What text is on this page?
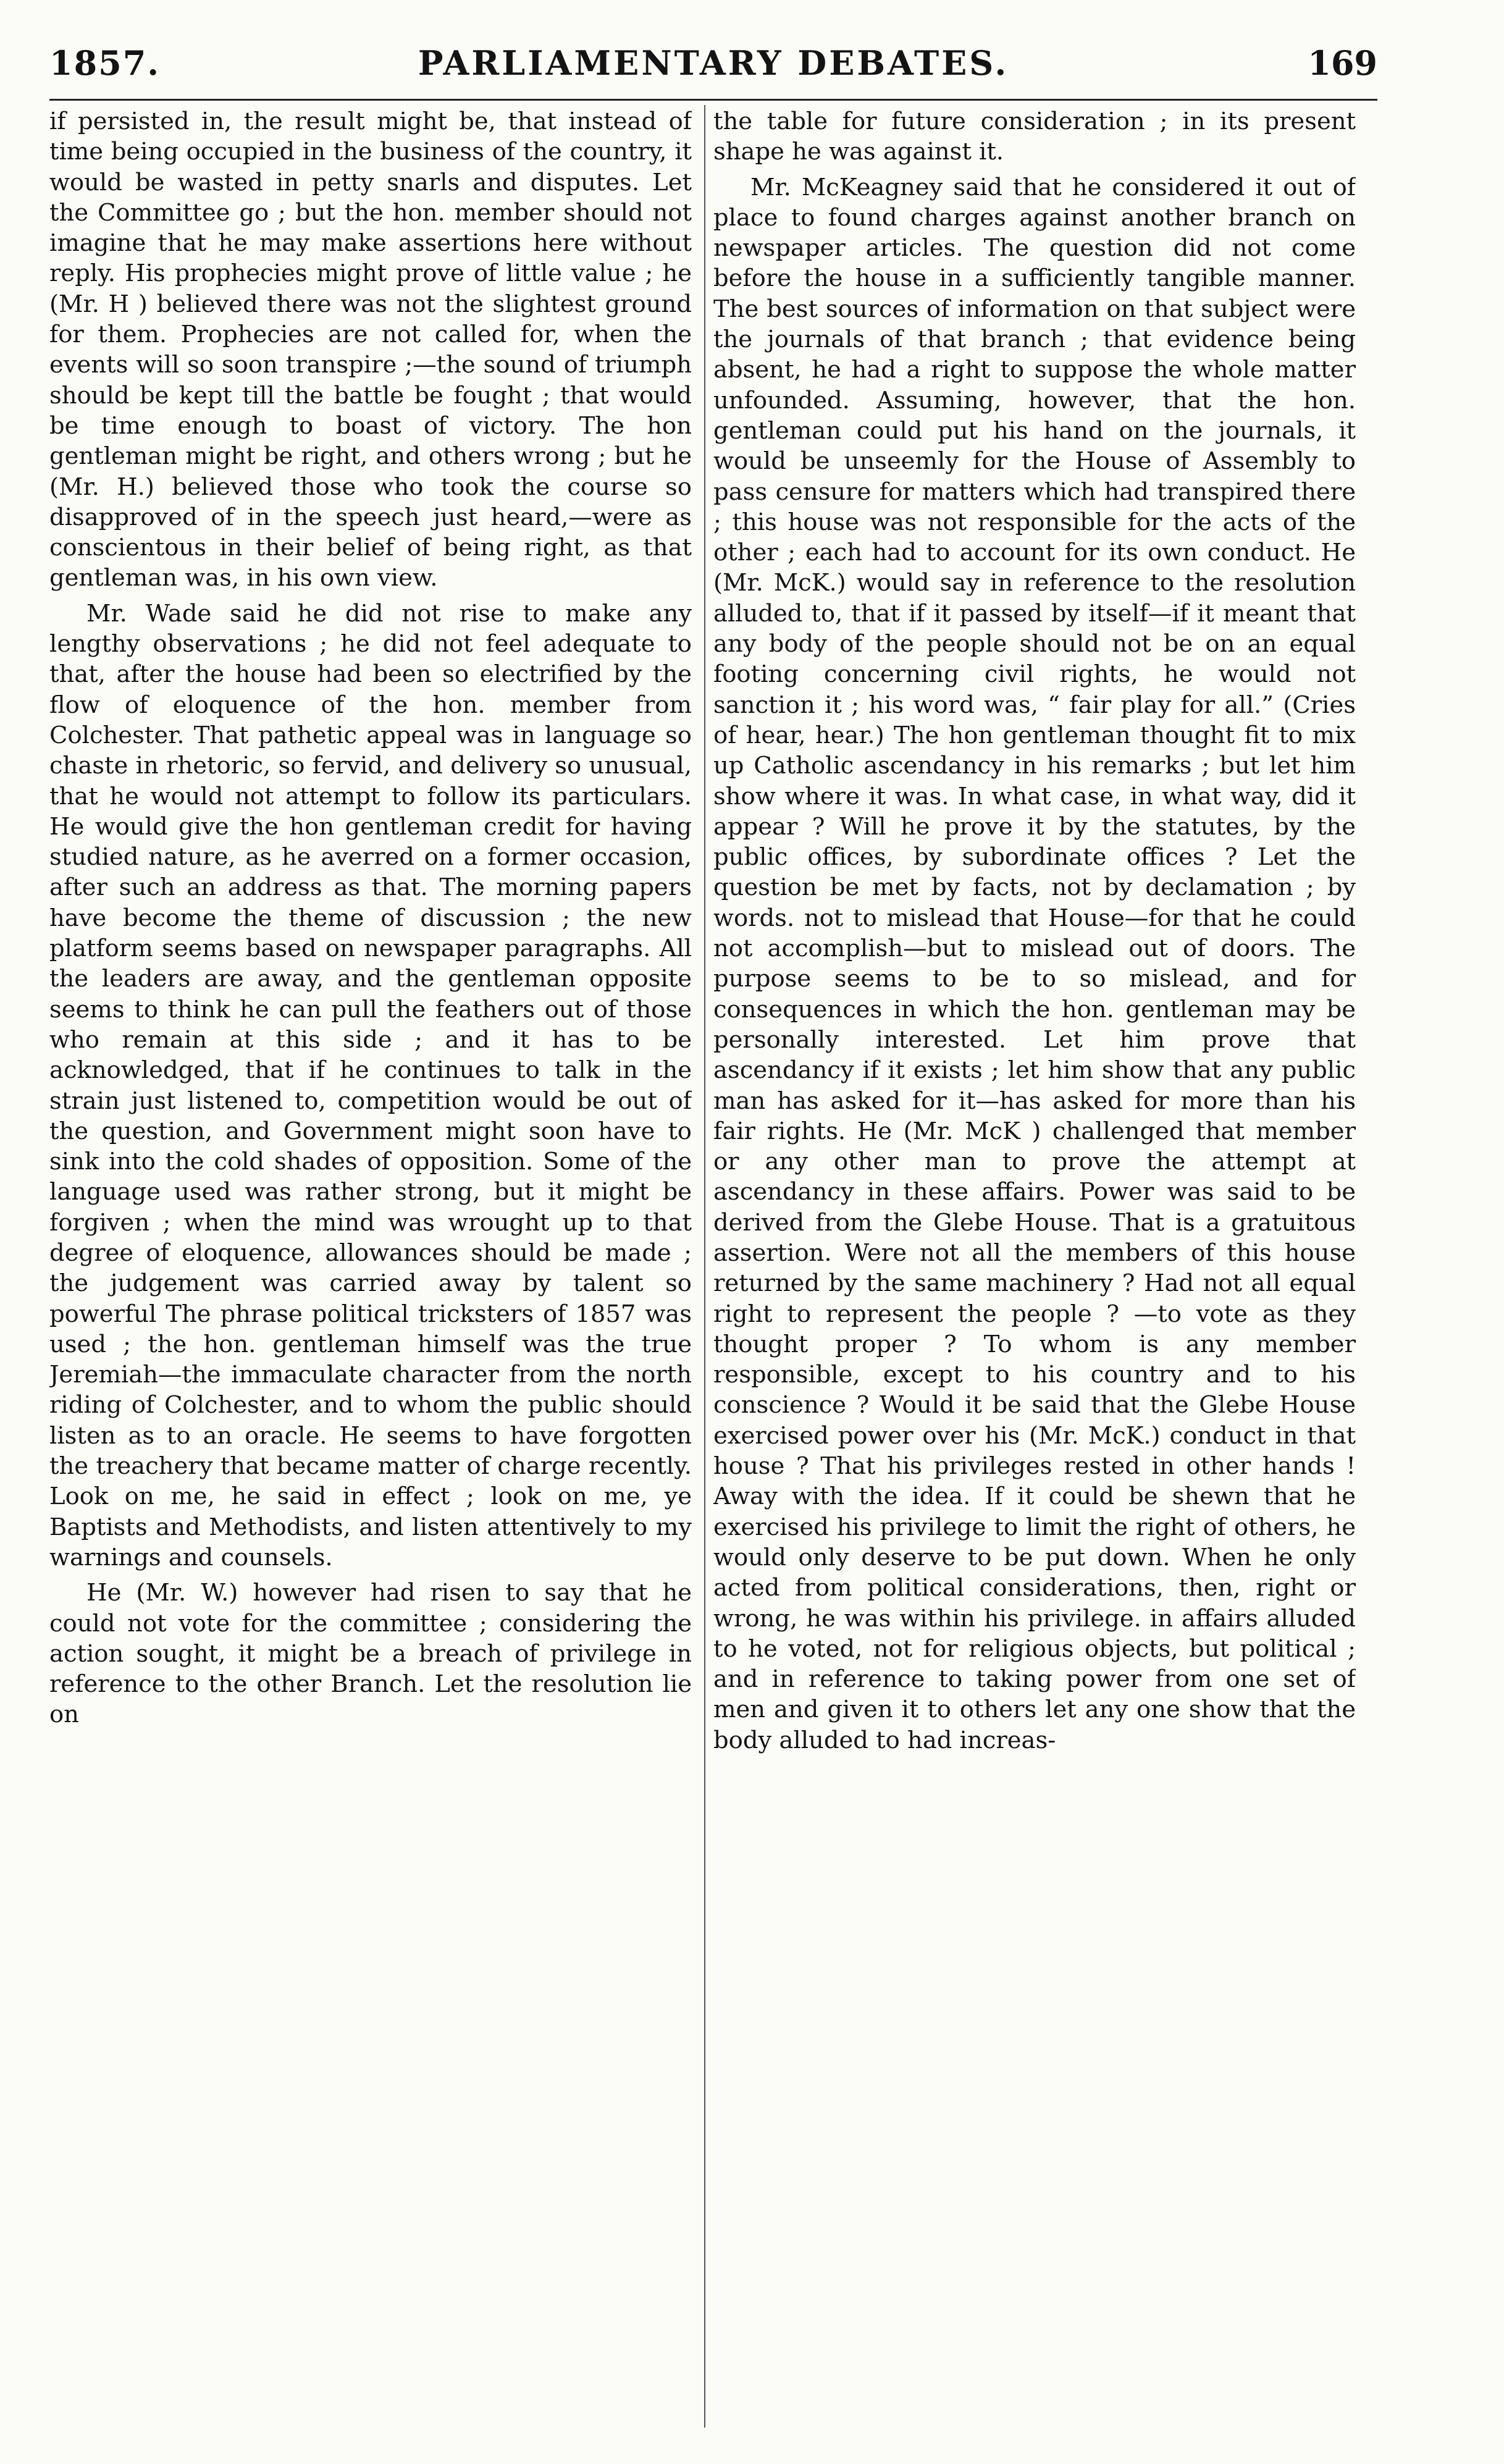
1857.	PARLIAMENTARY DEBATES.	169

if persisted in, the result might be, that instead of time being occupied in the business of the country, it would be wasted in petty snarls and disputes. Let the Committee go ; but the hon. member should not imagine that he may make assertions here without reply. His prophecies might prove of little value ; he (Mr. H ) believed there was not the slightest ground for them. Prophecies are not called for, when the events will so soon transpire ;—the sound of triumph should be kept till the battle be fought ; that would be time enough to boast of victory. The hon gentleman might be right, and others wrong ; but he (Mr. H.) believed those who took the course so disapproved of in the speech just heard,—were as conscientous in their belief of being right, as that gentleman was, in his own view.

Mr. Wade said he did not rise to make any lengthy observations ; he did not feel adequate to that, after the house had been so electrified by the flow of eloquence of the hon. member from Colchester. That pathetic appeal was in language so chaste in rhetoric, so fervid, and delivery so unusual, that he would not attempt to follow its particulars. He would give the hon gentleman credit for having studied nature, as he averred on a former occasion, after such an address as that. The morning papers have become the theme of discussion ; the new platform seems based on newspaper paragraphs. All the leaders are away, and the gentleman opposite seems to think he can pull the feathers out of those who remain at this side ; and it has to be acknowledged, that if he continues to talk in the strain just listened to, competition would be out of the question, and Government might soon have to sink into the cold shades of opposition. Some of the language used was rather strong, but it might be forgiven ; when the mind was wrought up to that degree of eloquence, allowances should be made ; the judgement was carried away by talent so powerful The phrase political tricksters of 1857 was used ; the hon. gentleman himself was the true Jeremiah—the immaculate character from the north riding of Colchester, and to whom the public should listen as to an oracle. He seems to have forgotten the treachery that became matter of charge recently. Look on me, he said in effect ; look on me, ye Baptists and Methodists, and listen attentively to my warnings and counsels.

He (Mr. W.) however had risen to say that he could not vote for the committee ; considering the action sought, it might be a breach of privilege in reference to the other Branch. Let the resolution lie on

the table for future consideration ; in its present shape he was against it.

Mr. McKeagney said that he considered it out of place to found charges against another branch on newspaper articles. The question did not come before the house in a sufficiently tangible manner. The best sources of information on that subject were the journals of that branch ; that evidence being absent, he had a right to suppose the whole matter unfounded. Assuming, however, that the hon. gentleman could put his hand on the journals, it would be unseemly for the House of Assembly to pass censure for matters which had transpired there ; this house was not responsible for the acts of the other ; each had to account for its own conduct. He (Mr. McK.) would say in reference to the resolution alluded to, that if it passed by itself—if it meant that any body of the people should not be on an equal footing concerning civil rights, he would not sanction it ; his word was, “ fair play for all.” (Cries of hear, hear.) The hon gentleman thought fit to mix up Catholic ascendancy in his remarks ; but let him show where it was. In what case, in what way, did it appear ? Will he prove it by the statutes, by the public offices, by subordinate offices ? Let the question be met by facts, not by declamation ; by words. not to mislead that House—for that he could not accomplish—but to mislead out of doors. The purpose seems to be to so mislead, and for consequences in which the hon. gentleman may be personally interested. Let him prove that ascendancy if it exists ; let him show that any public man has asked for it—has asked for more than his fair rights. He (Mr. McK ) challenged that member or any other man to prove the attempt at ascendancy in these affairs. Power was said to be derived from the Glebe House. That is a gratuitous assertion. Were not all the members of this house returned by the same machinery ? Had not all equal right to represent the people ? —to vote as they thought proper ? To whom is any member responsible, except to his country and to his conscience ? Would it be said that the Glebe House exercised power over his (Mr. McK.) conduct in that house ? That his privileges rested in other hands ! Away with the idea. If it could be shewn that he exercised his privilege to limit the right of others, he would only deserve to be put down. When he only acted from political considerations, then, right or wrong, he was within his privilege. in affairs alluded to he voted, not for religious objects, but political ; and in reference to taking power from one set of men and given it to others let any one show that the body alluded to had increas-
